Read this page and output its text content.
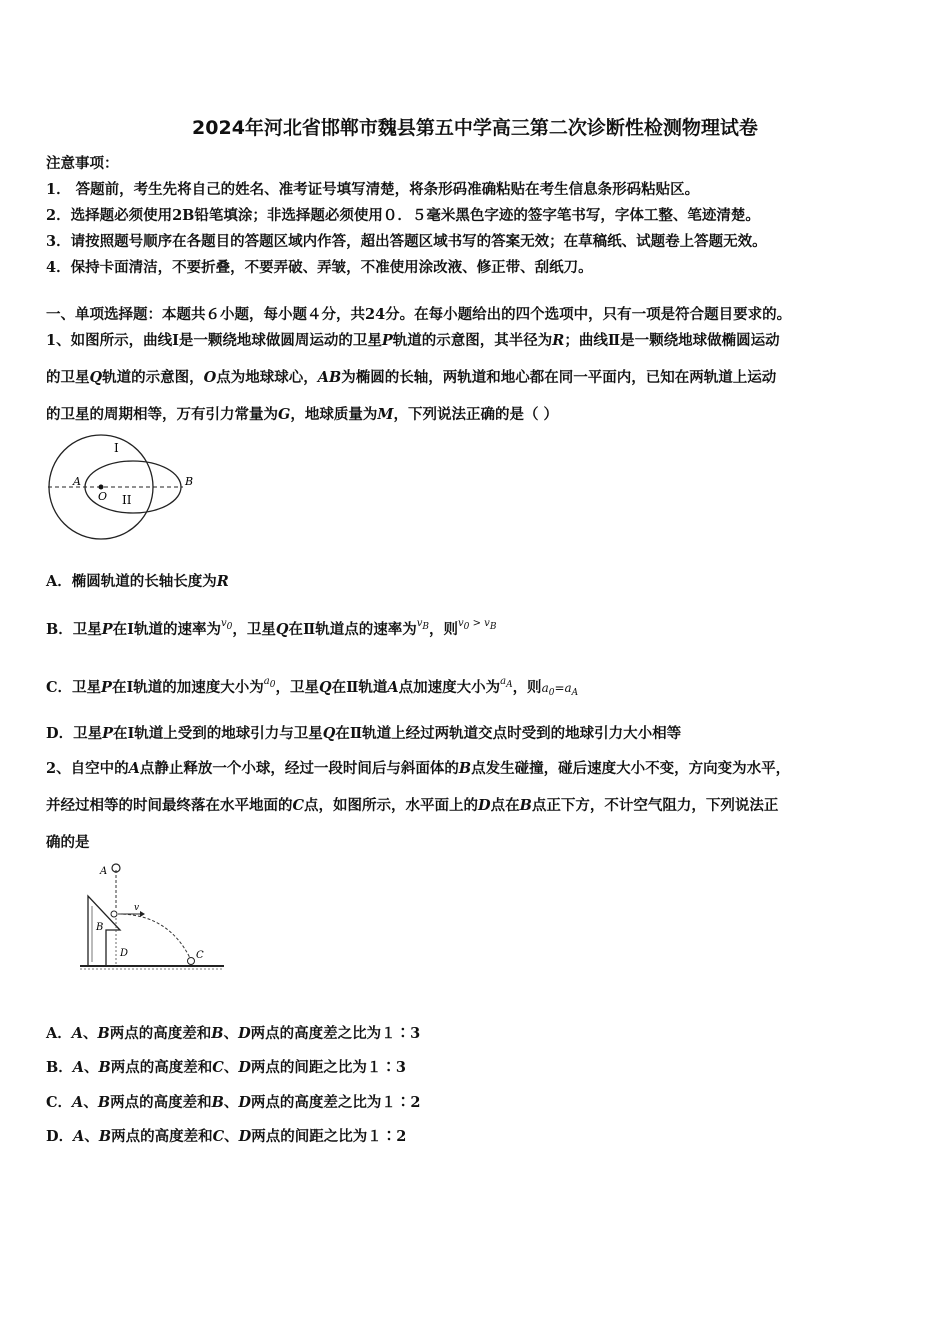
2024年河北省邯郸市魏县第五中学高三第二次诊断性检测物理试卷
注意事项：
1． 答题前，考生先将自己的姓名、准考证号填写清楚，将条形码准确粘贴在考生信息条形码粘贴区。
2．选择题必须使用2B铅笔填涂；非选择题必须使用０．５毫米黑色字迹的签字笔书写，字体工整、笔迹清楚。
3．请按照题号顺序在各题目的答题区域内作答，超出答题区域书写的答案无效；在草稿纸、试题卷上答题无效。
4．保持卡面清洁，不要折叠，不要弄破、弄皱，不准使用涂改液、修正带、刮纸刀。
一、单项选择题：本题共６小题，每小题４分，共24分。在每小题给出的四个选项中，只有一项是符合题目要求的。
1、如图所示，曲线Ⅰ是一颗绕地球做圆周运动的卫星P轨道的示意图，其半径为R；曲线Ⅱ是一颗绕地球做椭圆运动
的卫星Q轨道的示意图，O点为地球球心，AB为椭圆的长轴，两轨道和地心都在同一平面内，已知在两轨道上运动
的卫星的周期相等，万有引力常量为G，地球质量为M，下列说法正确的是（ ）
I
II
A	B
O
A．椭圆轨道的长轴长度为R
B．卫星P在Ⅰ轨道的速率为$^{v0}$，卫星Q在Ⅱ轨道点的速率为$^{vB}$，则$^{v0 > vB}$
C．卫星P在Ⅰ轨道的加速度大小为$^{a0}$，卫星Q在Ⅱ轨道A点加速度大小为$^{aA}$，则$a_0=a_A$
D．卫星P在Ⅰ轨道上受到的地球引力与卫星Q在Ⅱ轨道上经过两轨道交点时受到的地球引力大小相等
2、自空中的A点静止释放一个小球，经过一段时间后与斜面体的B点发生碰撞，碰后速度大小不变，方向变为水平，
并经过相等的时间最终落在水平地面的C点，如图所示，水平面上的D点在B点正下方，不计空气阻力，下列说法正
确的是
A
B
v
C
D
A．A、B两点的高度差和B、D两点的高度差之比为１∶3
B．A、B两点的高度差和C、D两点的间距之比为１∶3
C．A、B两点的高度差和B、D两点的高度差之比为１∶2
D．A、B两点的高度差和C、D两点的间距之比为１∶2
